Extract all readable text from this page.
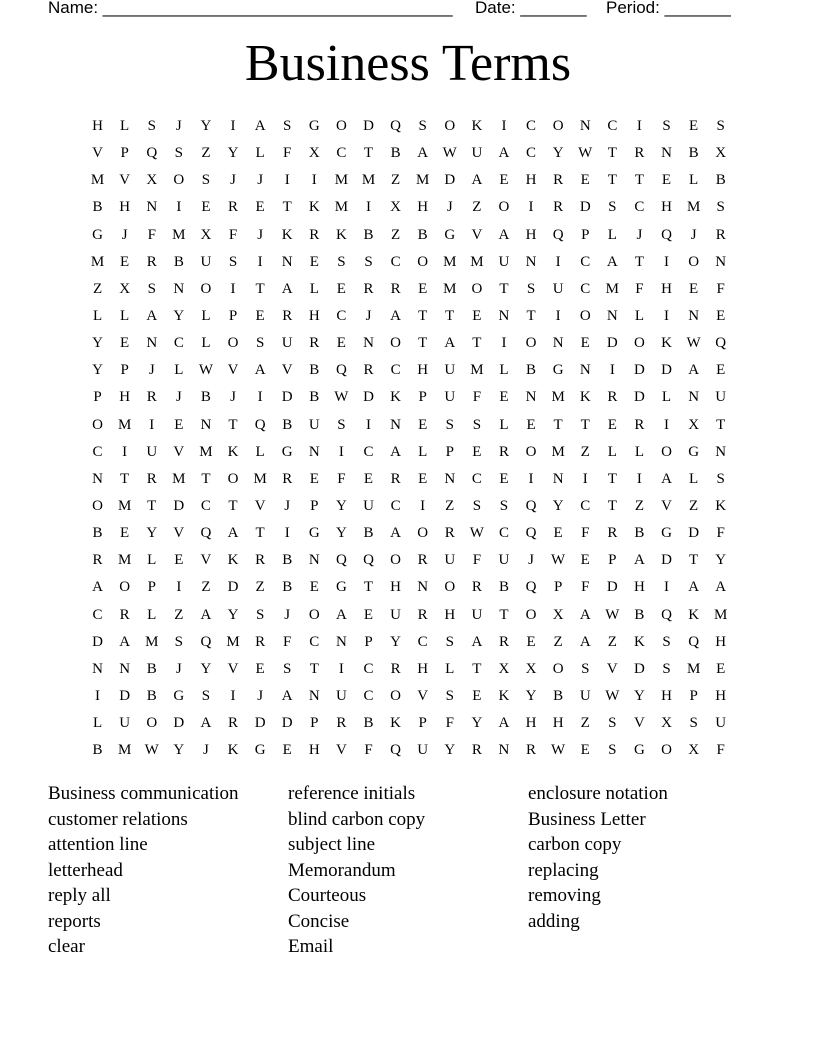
Name: _____________________________________ Date: _______ Period: _______
Business Terms
H	L	S	J	Y	I	A	S	G	O	D	Q	S	O	K	I	C	O	N	C	I	S	E	S
V	P	Q	S	Z	Y	L	F	X	C	T	B	A W U	A	C	Y W	T	R	N	B	X
M	V	X	O	S	J	J	I	I	M M	Z	M	D	A	E	H	R	E	T	T	E	L	B
B	H	N	I	E	R	E	T	K	M	I	X	H	J	Z	O	I	R	D	S	C	H	M	S
G	J	F	M	X	F	J	K	R	K	B	Z	B	G	V	A	H	Q	P	L	J	Q	J	R
M	E	R	B	U	S	I	N	E	S	S	C	O	M M	U	N	I	C	A	T	I	O	N
Z	X	S	N	O	I	T	A	L	E	R	R	E	M	O	T	S	U	C	M	F	H	E	F
L	L	A	Y	L	P	E	R	H	C	J	A	T	T	E	N	T	I	O	N	L	I	N	E
Y	E	N	C	L	O	S	U	R	E	N	O	T	A	T	I	O	N	E	D	O	K W Q
Y	P	J	L	W V	A	V	B	Q	R	C	H	U	M	L	B	G	N	I	D	D	A	E
P	H	R	J	B	J	I	D	B	W D	K	P	U	F	E	N	M	K	R	D	L	N	U
O	M	I	E	N	T	Q	B	U	S	I	N	E	S	S	L	E	T	T	E	R	I	X	T
C	I	U	V	M	K	L	G	N	I	C	A	L	P	E	R	O	M	Z	L	L	O	G	N
N	T	R	M	T	O	M	R	E	F	E	R	E	N	C	E	I	N	I	T	I	A	L	S
O	M	T	D	C	T	V	J	P	Y	U	C	I	Z	S	S	Q	Y	C	T	Z	V	Z	K
B	E	Y	V	Q	A	T	I	G	Y	B	A	O	R	W	C	Q	E	F	R	B	G	D	F
R	M	L	E	V	K	R	B	N	Q	Q	O	R	U	F	U	J	W	E	P	A	D	T	Y
A	O	P	I	Z	D	Z	B	E	G	T	H	N	O	R	B	Q	P	F	D	H	I	A	A
C	R	L	Z	A	Y	S	J	O	A	E	U	R	H	U	T	O	X	A W	B	Q	K	M
D	A	M	S	Q	M	R	F	C	N	P	Y	C	S	A	R	E	Z	A	Z	K	S	Q	H
N	N	B	J	Y	V	E	S	T	I	C	R	H	L	T	X	X	O	S	V	D	S	M	E
I	D	B	G	S	I	J	A	N	U	C	O	V	S	E	K	Y	B	U W Y	H	P	H
L	U	O	D	A	R	D	D	P	R	B	K	P	F	Y	A	H	H	Z	S	V	X	S	U
B	M W Y	J	K	G	E	H	V	F	Q	U	Y	R	N	R	W	E	S	G	O	X	F
Business communication
customer relations
attention line
letterhead
reply all
reports
clear
reference initials
blind carbon copy
subject line
Memorandum
Courteous
Concise
Email
enclosure notation
Business Letter
carbon copy
replacing
removing
adding
